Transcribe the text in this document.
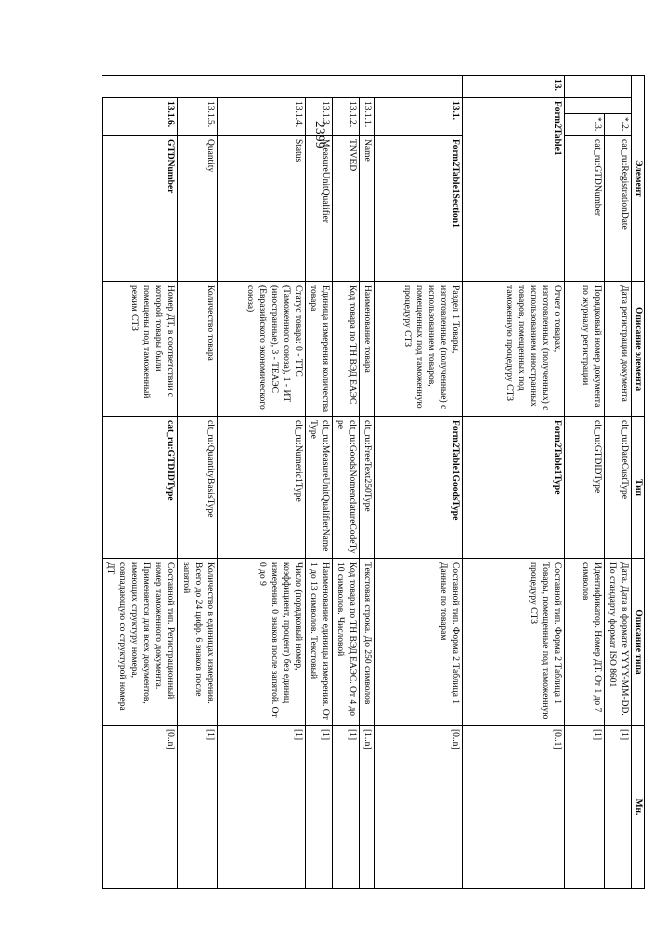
2399
Элемент				Описание элемента	Тип	Описание типа	Мн.	
		*.2.	cat_ru:RegistrationDate	Дата регистрации документа	clt_ru:DateCustType	Дата. Дата в формате YYYY-MM-DD. По стандарту формат ISO 8601	[1]	
		*.3.	cat_ru:GTDNumber	Порядковый номер документа по журналу регистрации	clt_ru:GTDIDType	Идентификатор. Номер ДТ. От 1 до 7 символов	[1]	
13.	Form2Table1			Отчет о товарах, изготовленных (полученных) с использованием иностранных товаров, помещенных под таможенную процедуру СТЗ	Form2Table1Type	Составной тип. Форма 2 Таблица 1 Товары, помещенные под таможенную процедуру СТЗ	[0..1]	
	13.1.		Form2Table1Section1	Раздел 1 Товары, изготовленные (полученные) с использованием товаров, помещенных под таможенную процедуру СТЗ	Form2Table1GoodsType	Составной тип. Форма 2 Таблица 1 Данные по товарам	[0..n]	
	13.1.1.		Name	Наименование товара	clt_ru:FreeText250Type	Текстовая строка. До 250 символов	[1..n]	
	13.1.2.		TNVED	Код товара по ТН ВЭД ЕАЭС	clt_ru:GoodsNomenclatureCodeType	Код товара по ТН ВЭД ЕАЭС. От 4 до 10 символов. Числовой	[1]	
	13.1.3.		MeasureUnitQualifier	Единица измерения количества товара	clt_ru:MeasureUnitQualifierNameType	Наименование единицы измерения. От 1 до 13 символов. Текстовый	[1]	
	13.1.4.		Status	Статус товара: 0 - ТТС (Таможенного союза), 1 - ИТ (иностранные), 3 - ТЕАЭС (Евразийского экономического союза)	clt_ru:Numeric1Type	Число (порядковый номер, коэффициент, процент) без единиц измерения. 0 знаков после запятой. От 0 до 9	[1]	
	13.1.5.		Quantity	Количество товара	clt_ru:QuantityBasisType	Количество в единицах измерения. Всего до 24 цифр. 6 знаков после запятой	[1]	
	13.1.6.		GTDNumber	Номер ДТ, в соответствии с которой товары были помещены под таможенный режим СТЗ	cat_ru:GTDIDType	Составной тип. Регистрационный номер таможенного документа. Применяется для всех документов, имеющих структуру номера, совпадающую со структурой номера ДТ	[0..n]	
